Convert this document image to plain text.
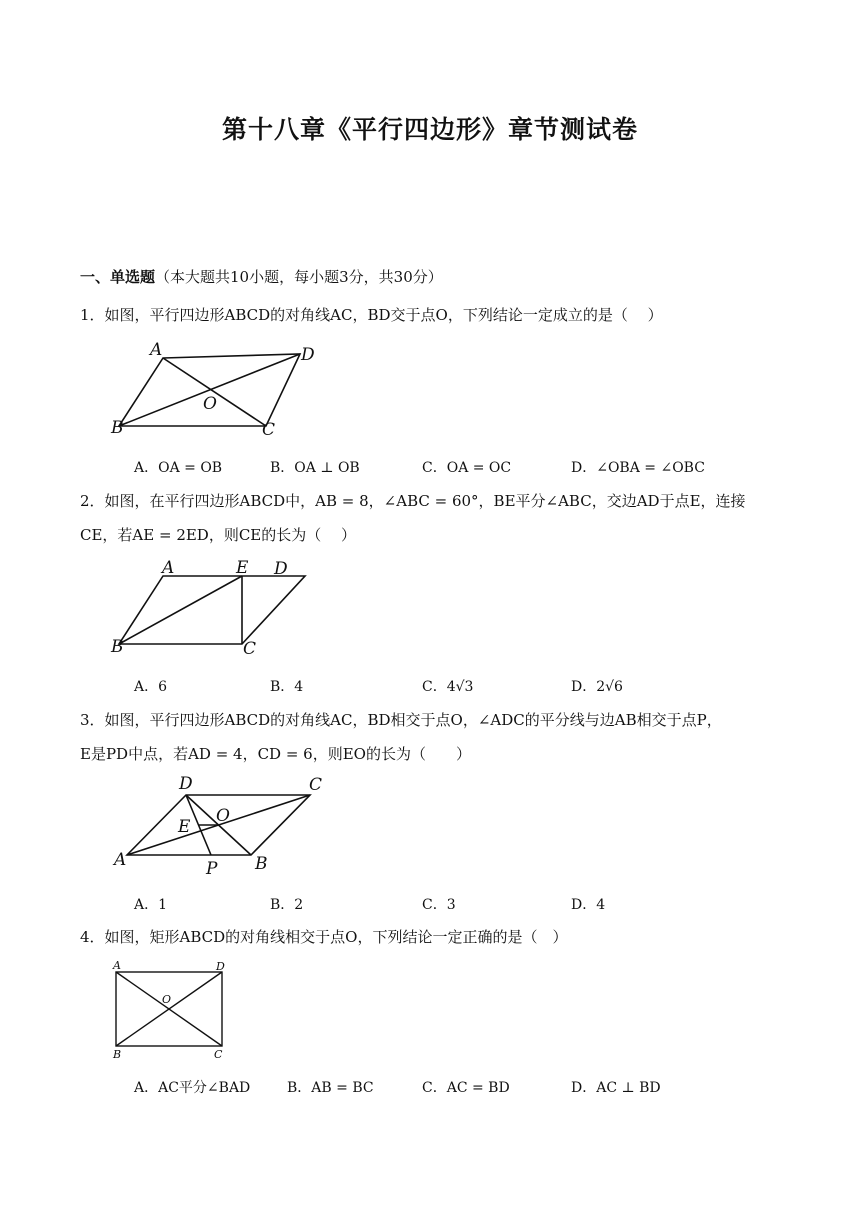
第十八章《平行四边形》章节测试卷
一、单选题（本大题共10小题，每小题3分，共30分）
1．如图，平行四边形ABCD的对角线AC，BD交于点O，下列结论一定成立的是（　 ）
A	D
O
B	C
A．OA = OB	B．OA ⊥ OB	C．OA = OC	D．∠OBA = ∠OBC
2．如图，在平行四边形ABCD中，AB = 8，∠ABC = 60°，BE平分∠ABC，交边AD于点E，连接
CE，若AE = 2ED，则CE的长为（　 ）
A	E D
B	C
A．6	B．4	C．4√3	D．2√6
3．如图，平行四边形ABCD的对角线AC，BD相交于点O，∠ADC的平分线与边AB相交于点P，
E是PD中点，若AD = 4，CD = 6，则EO的长为（　　）
D	C
E
O
A	P B
A．1	B．2	C．3	D．4
4．如图，矩形ABCD的对角线相交于点O，下列结论一定正确的是（　）
A	D
O
B	C
A．AC平分∠BAD	B．AB = BC	C．AC = BD	D．AC ⊥ BD
